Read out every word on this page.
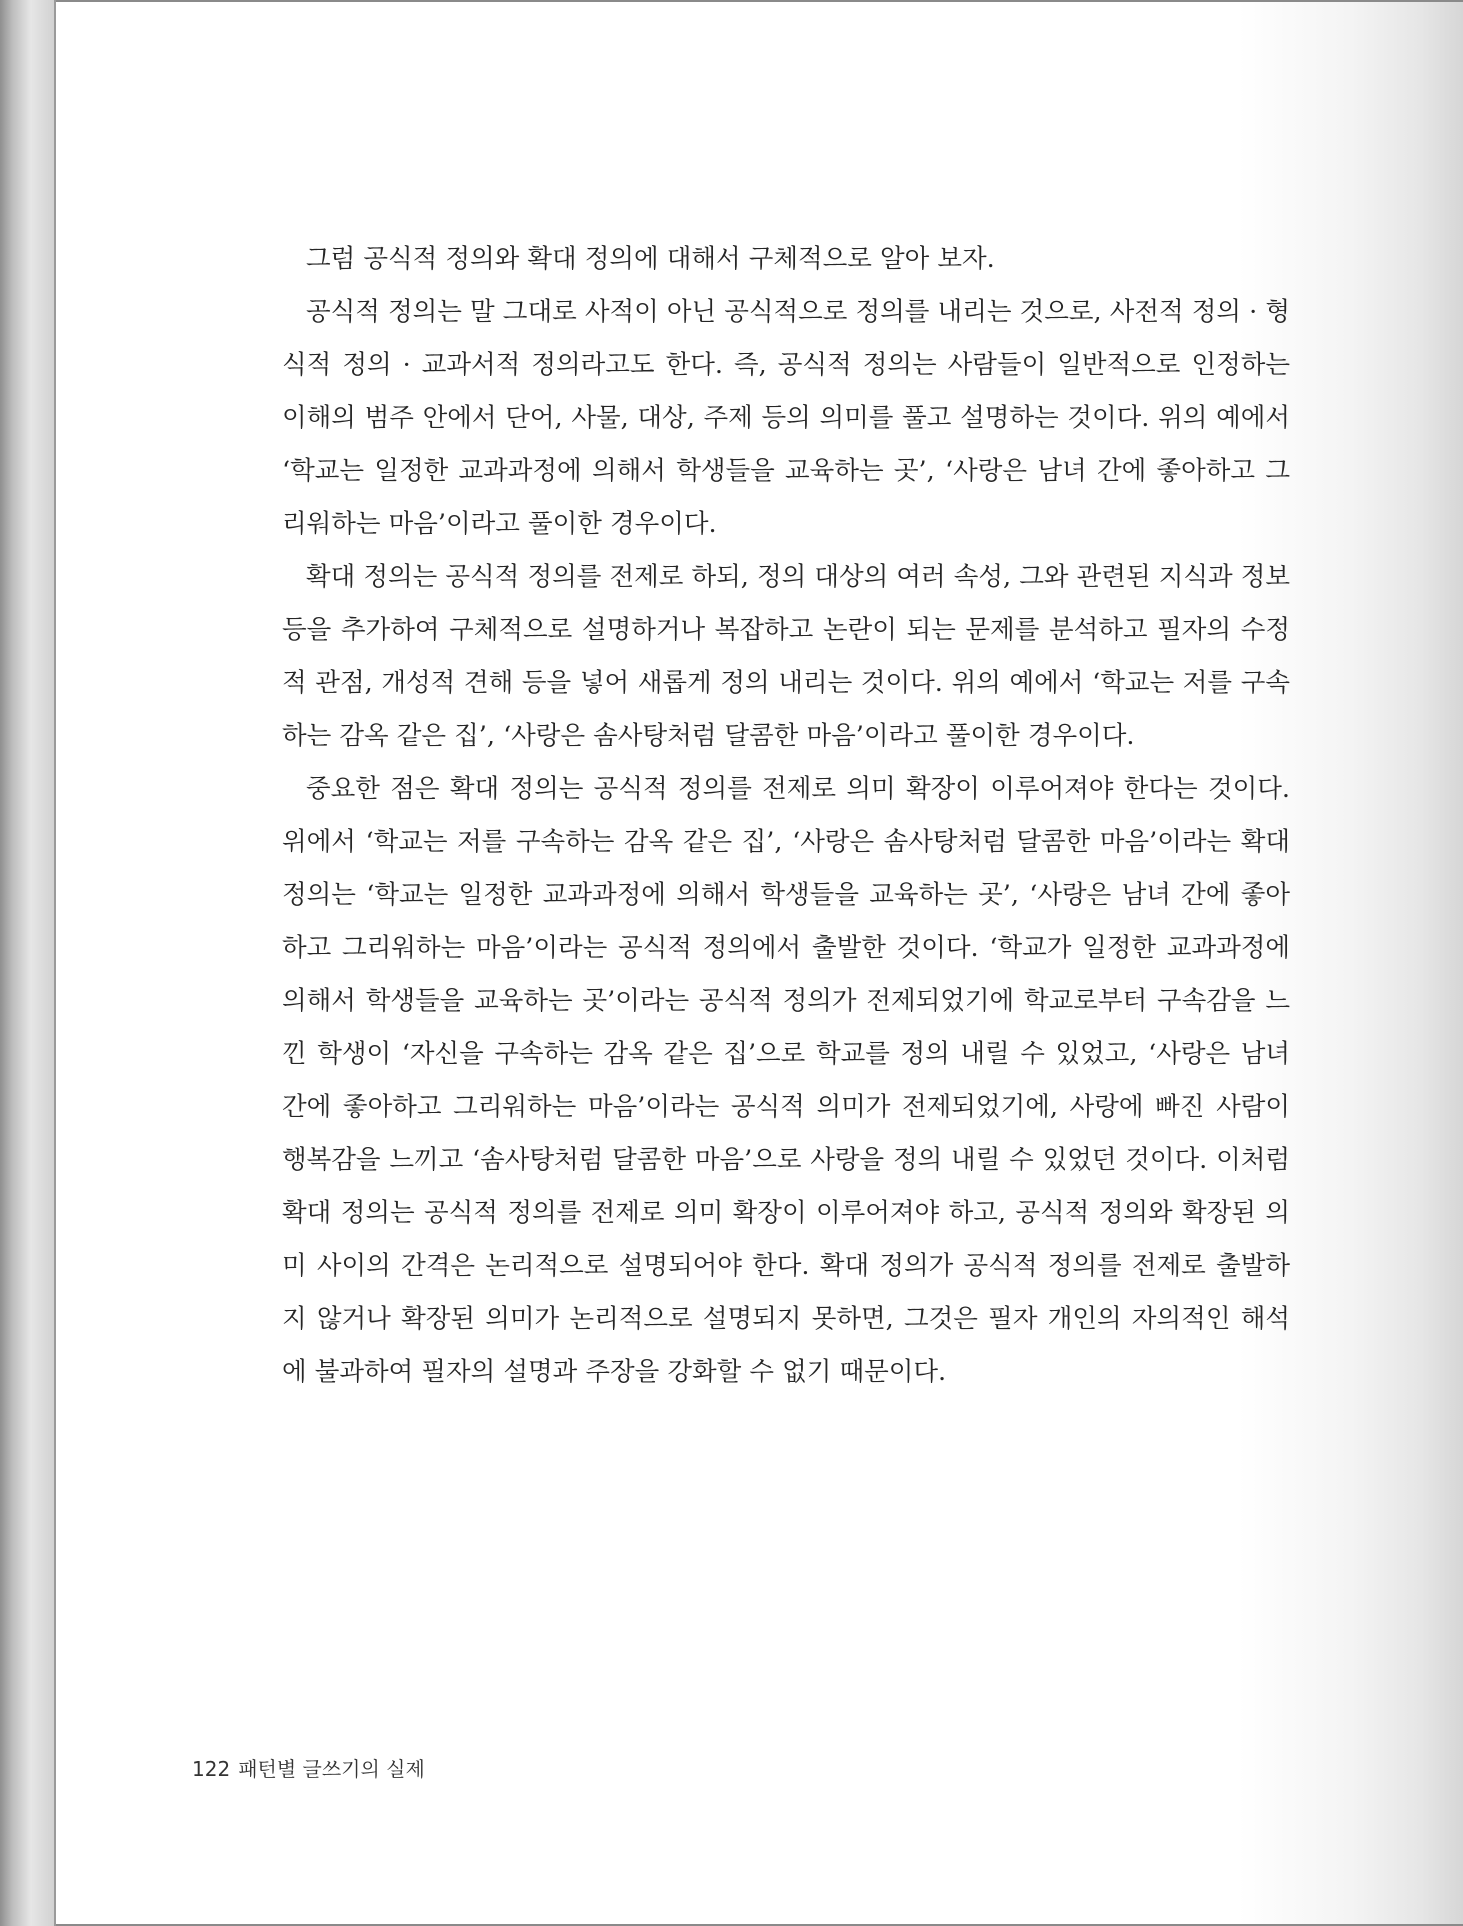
그럼 공식적 정의와 확대 정의에 대해서 구체적으로 알아 보자.

공식적 정의는 말 그대로 사적이 아닌 공식적으로 정의를 내리는 것으로, 사전적 정의 · 형식적 정의 · 교과서적 정의라고도 한다. 즉, 공식적 정의는 사람들이 일반적으로 인정하는 이해의 범주 안에서 단어, 사물, 대상, 주제 등의 의미를 풀고 설명하는 것이다. 위의 예에서 ‘학교는 일정한 교과과정에 의해서 학생들을 교육하는 곳’, ‘사랑은 남녀 간에 좋아하고 그리워하는 마음’이라고 풀이한 경우이다.

확대 정의는 공식적 정의를 전제로 하되, 정의 대상의 여러 속성, 그와 관련된 지식과 정보 등을 추가하여 구체적으로 설명하거나 복잡하고 논란이 되는 문제를 분석하고 필자의 수정적 관점, 개성적 견해 등을 넣어 새롭게 정의 내리는 것이다. 위의 예에서 ‘학교는 저를 구속하는 감옥 같은 집’, ‘사랑은 솜사탕처럼 달콤한 마음’이라고 풀이한 경우이다.

중요한 점은 확대 정의는 공식적 정의를 전제로 의미 확장이 이루어져야 한다는 것이다. 위에서 ‘학교는 저를 구속하는 감옥 같은 집’, ‘사랑은 솜사탕처럼 달콤한 마음’이라는 확대 정의는 ‘학교는 일정한 교과과정에 의해서 학생들을 교육하는 곳’, ‘사랑은 남녀 간에 좋아하고 그리워하는 마음’이라는 공식적 정의에서 출발한 것이다. ‘학교가 일정한 교과과정에 의해서 학생들을 교육하는 곳’이라는 공식적 정의가 전제되었기에 학교로부터 구속감을 느낀 학생이 ‘자신을 구속하는 감옥 같은 집’으로 학교를 정의 내릴 수 있었고, ‘사랑은 남녀 간에 좋아하고 그리워하는 마음’이라는 공식적 의미가 전제되었기에, 사랑에 빠진 사람이 행복감을 느끼고 ‘솜사탕처럼 달콤한 마음’으로 사랑을 정의 내릴 수 있었던 것이다. 이처럼 확대 정의는 공식적 정의를 전제로 의미 확장이 이루어져야 하고, 공식적 정의와 확장된 의미 사이의 간격은 논리적으로 설명되어야 한다. 확대 정의가 공식적 정의를 전제로 출발하지 않거나 확장된 의미가 논리적으로 설명되지 못하면, 그것은 필자 개인의 자의적인 해석에 불과하여 필자의 설명과 주장을 강화할 수 없기 때문이다.

122 패턴별 글쓰기의 실제
